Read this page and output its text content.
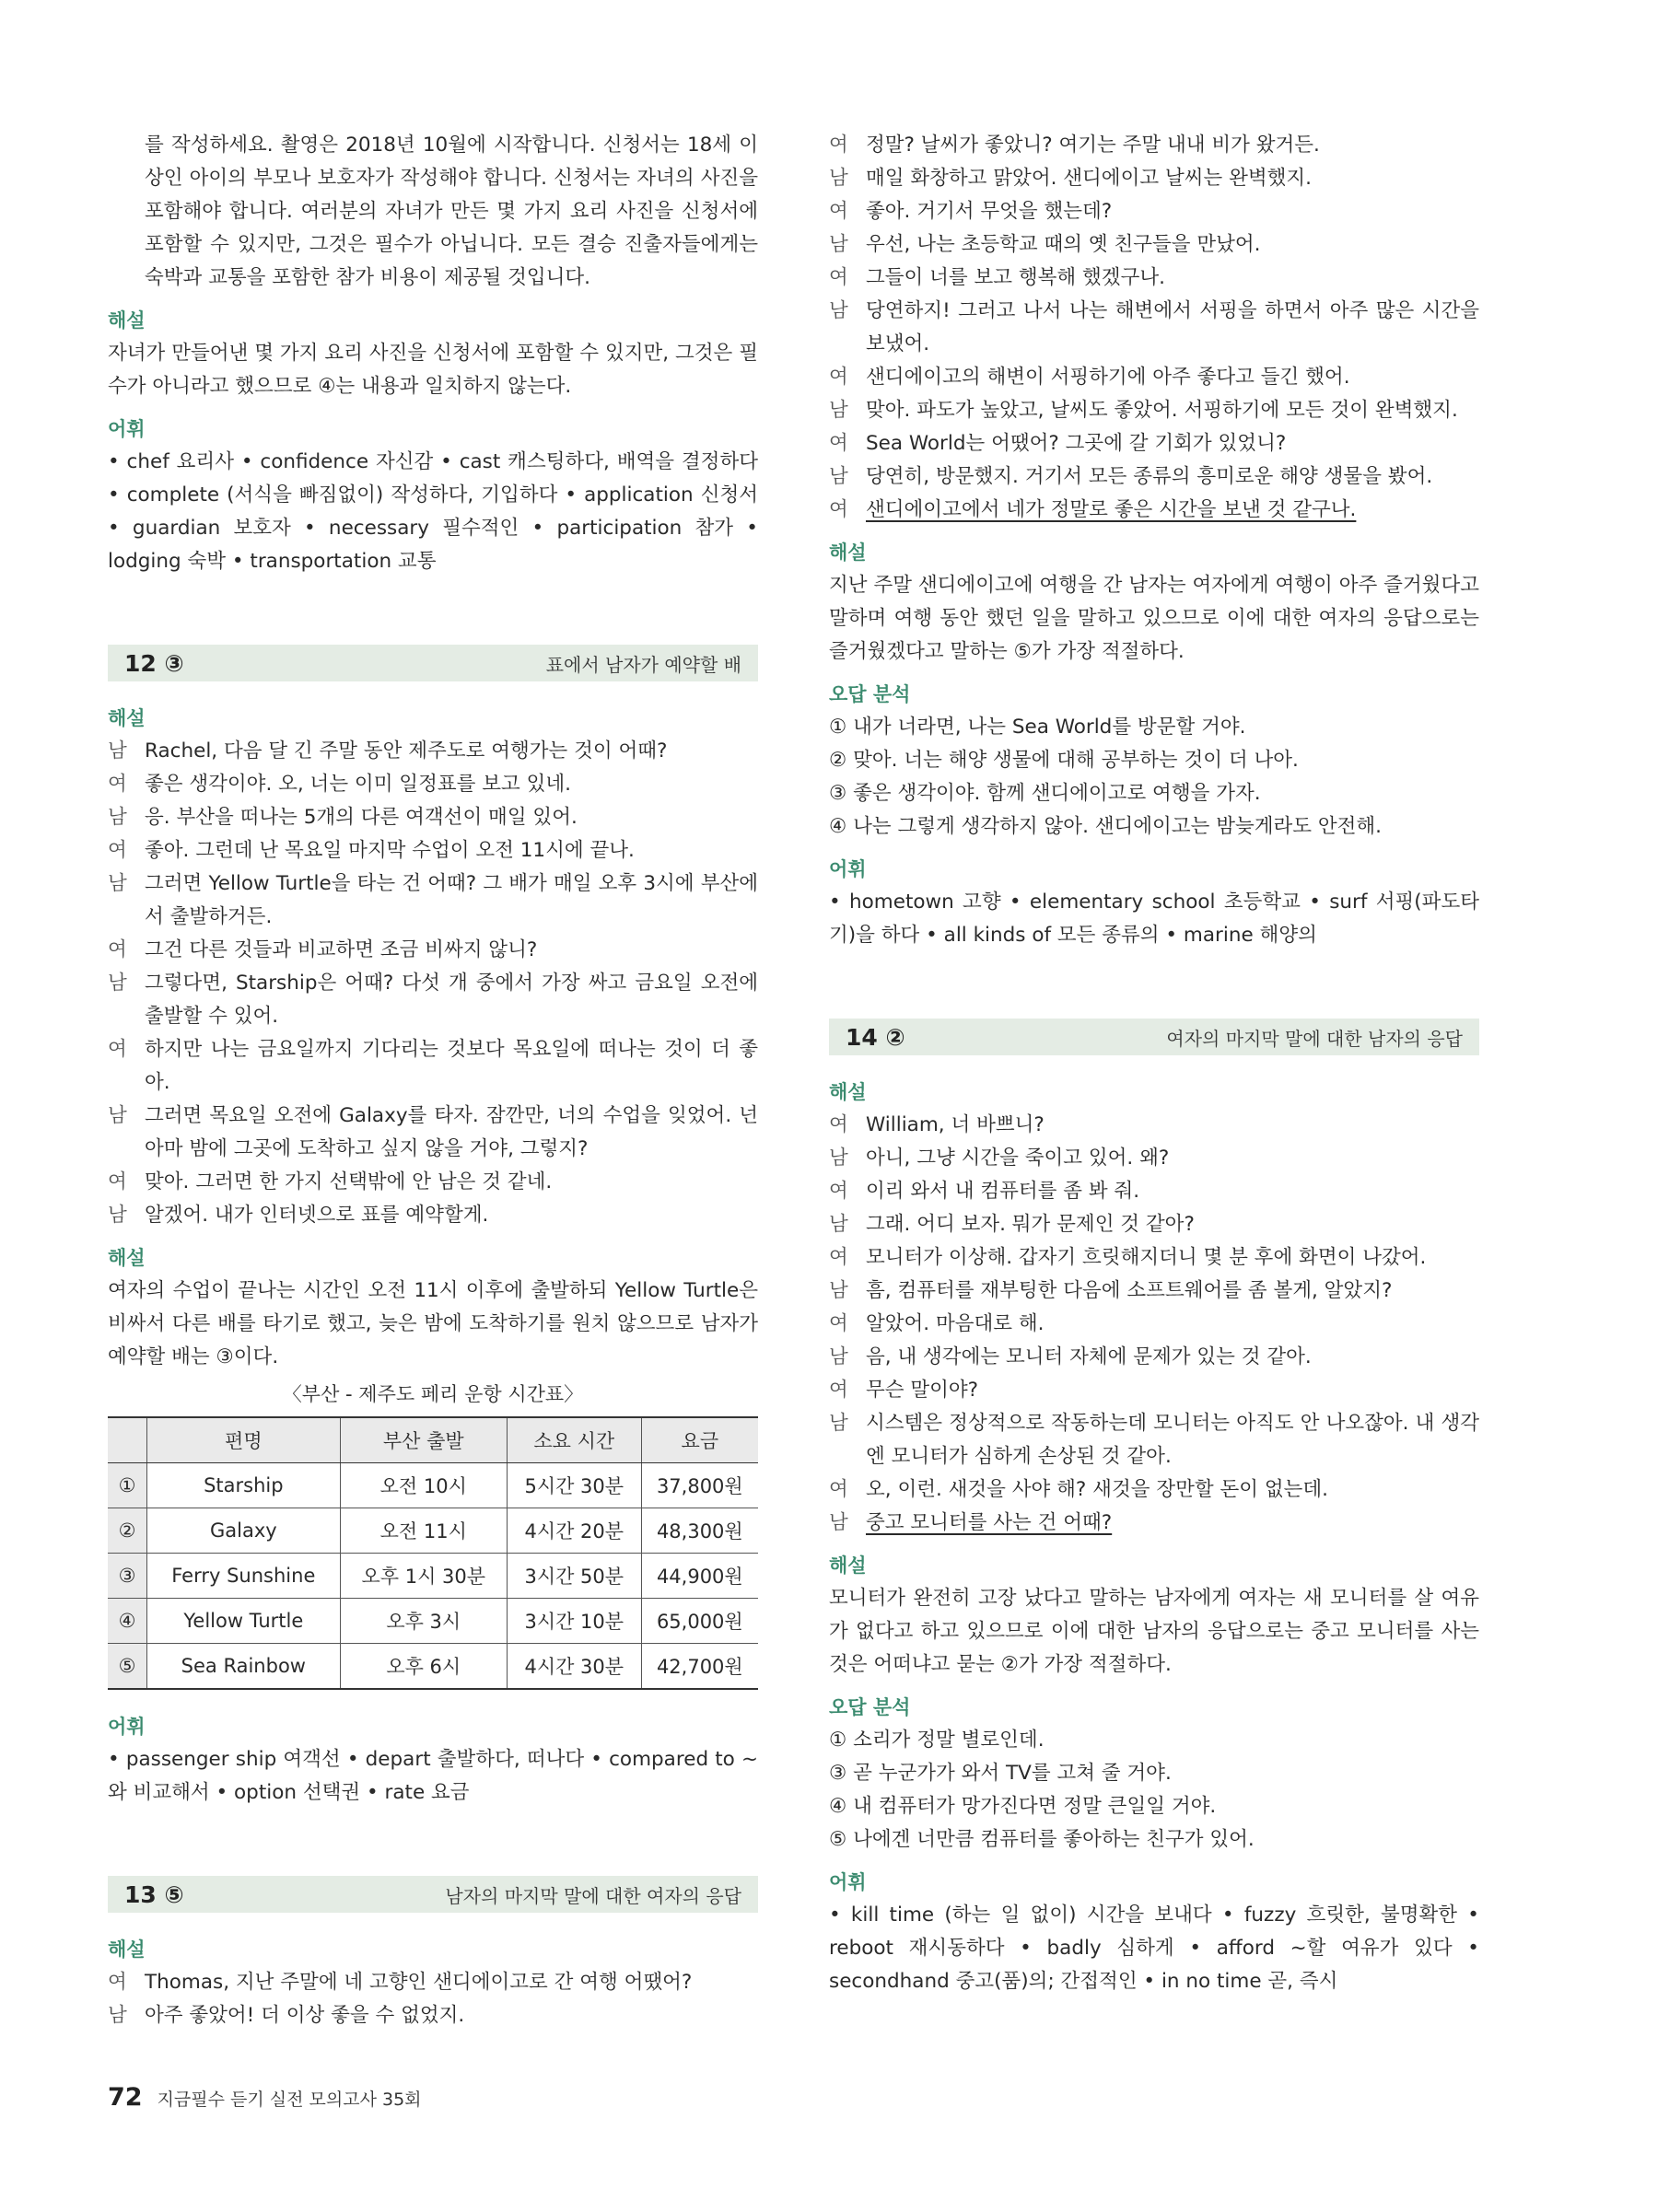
를 작성하세요. 촬영은 2018년 10월에 시작합니다. 신청서는 18세 이상인 아이의 부모나 보호자가 작성해야 합니다. 신청서는 자녀의 사진을 포함해야 합니다. 여러분의 자녀가 만든 몇 가지 요리 사진을 신청서에 포함할 수 있지만, 그것은 필수가 아닙니다. 모든 결승 진출자들에게는 숙박과 교통을 포함한 참가 비용이 제공될 것입니다.

해설

자녀가 만들어낸 몇 가지 요리 사진을 신청서에 포함할 수 있지만, 그것은 필수가 아니라고 했으므로 ④는 내용과 일치하지 않는다.

어휘

• chef 요리사 • confidence 자신감 • cast 캐스팅하다, 배역을 결정하다 • complete (서식을 빠짐없이) 작성하다, 기입하다 • application 신청서 • guardian 보호자 • necessary 필수적인 • participation 참가 • lodging 숙박 • transportation 교통

12 ③	표에서 남자가 예약할 배
해설
남 Rachel, 다음 달 긴 주말 동안 제주도로 여행가는 것이 어때?
여 좋은 생각이야. 오, 너는 이미 일정표를 보고 있네.
남 응. 부산을 떠나는 5개의 다른 여객선이 매일 있어.
여 좋아. 그런데 난 목요일 마지막 수업이 오전 11시에 끝나.
남 그러면 Yellow Turtle을 타는 건 어때? 그 배가 매일 오후 3시에 부산에서 출발하거든.
여 그건 다른 것들과 비교하면 조금 비싸지 않니?
남 그렇다면, Starship은 어때? 다섯 개 중에서 가장 싸고 금요일 오전에 출발할 수 있어.
여 하지만 나는 금요일까지 기다리는 것보다 목요일에 떠나는 것이 더 좋아.
남 그러면 목요일 오전에 Galaxy를 타자. 잠깐만, 너의 수업을 잊었어. 넌 아마 밤에 그곳에 도착하고 싶지 않을 거야, 그렇지?
여 맞아. 그러면 한 가지 선택밖에 안 남은 것 같네.
남 알겠어. 내가 인터넷으로 표를 예약할게.
해설

여자의 수업이 끝나는 시간인 오전 11시 이후에 출발하되 Yellow Turtle은 비싸서 다른 배를 타기로 했고, 늦은 밤에 도착하기를 원치 않으므로 남자가 예약할 배는 ③이다.

〈부산 - 제주도 페리 운항 시간표〉
	편명	부산 출발	소요 시간	요금
①	Starship	오전 10시	5시간 30분	37,800원
②	Galaxy	오전 11시	4시간 20분	48,300원
③	Ferry Sunshine	오후 1시 30분	3시간 50분	44,900원
④	Yellow Turtle	오후 3시	3시간 10분	65,000원
⑤	Sea Rainbow	오후 6시	4시간 30분	42,700원
어휘

• passenger ship 여객선 • depart 출발하다, 떠나다 • compared to ~와 비교해서 • option 선택권 • rate 요금

13 ⑤	남자의 마지막 말에 대한 여자의 응답
해설
여 Thomas, 지난 주말에 네 고향인 샌디에이고로 간 여행 어땠어?
남 아주 좋았어! 더 이상 좋을 수 없었지.
여 정말? 날씨가 좋았니? 여기는 주말 내내 비가 왔거든.
남 매일 화창하고 맑았어. 샌디에이고 날씨는 완벽했지.
여 좋아. 거기서 무엇을 했는데?
남 우선, 나는 초등학교 때의 옛 친구들을 만났어.
여 그들이 너를 보고 행복해 했겠구나.
남 당연하지! 그러고 나서 나는 해변에서 서핑을 하면서 아주 많은 시간을 보냈어.
여 샌디에이고의 해변이 서핑하기에 아주 좋다고 들긴 했어.
남 맞아. 파도가 높았고, 날씨도 좋았어. 서핑하기에 모든 것이 완벽했지.
여 Sea World는 어땠어? 그곳에 갈 기회가 있었니?
남 당연히, 방문했지. 거기서 모든 종류의 흥미로운 해양 생물을 봤어.
여 샌디에이고에서 네가 정말로 좋은 시간을 보낸 것 같구나.
해설

지난 주말 샌디에이고에 여행을 간 남자는 여자에게 여행이 아주 즐거웠다고 말하며 여행 동안 했던 일을 말하고 있으므로 이에 대한 여자의 응답으로는 즐거웠겠다고 말하는 ⑤가 가장 적절하다.

오답 분석
① 내가 너라면, 나는 Sea World를 방문할 거야.
② 맞아. 너는 해양 생물에 대해 공부하는 것이 더 나아.
③ 좋은 생각이야. 함께 샌디에이고로 여행을 가자.
④ 나는 그렇게 생각하지 않아. 샌디에이고는 밤늦게라도 안전해.
어휘

• hometown 고향 • elementary school 초등학교 • surf 서핑(파도타기)을 하다 • all kinds of 모든 종류의 • marine 해양의

14 ②	여자의 마지막 말에 대한 남자의 응답
해설
여 William, 너 바쁘니?
남 아니, 그냥 시간을 죽이고 있어. 왜?
여 이리 와서 내 컴퓨터를 좀 봐 줘.
남 그래. 어디 보자. 뭐가 문제인 것 같아?
여 모니터가 이상해. 갑자기 흐릿해지더니 몇 분 후에 화면이 나갔어.
남 흠, 컴퓨터를 재부팅한 다음에 소프트웨어를 좀 볼게, 알았지?
여 알았어. 마음대로 해.
남 음, 내 생각에는 모니터 자체에 문제가 있는 것 같아.
여 무슨 말이야?
남 시스템은 정상적으로 작동하는데 모니터는 아직도 안 나오잖아. 내 생각엔 모니터가 심하게 손상된 것 같아.
여 오, 이런. 새것을 사야 해? 새것을 장만할 돈이 없는데.
남 중고 모니터를 사는 건 어때?
해설

모니터가 완전히 고장 났다고 말하는 남자에게 여자는 새 모니터를 살 여유가 없다고 하고 있으므로 이에 대한 남자의 응답으로는 중고 모니터를 사는 것은 어떠냐고 묻는 ②가 가장 적절하다.

오답 분석
① 소리가 정말 별로인데.
③ 곧 누군가가 와서 TV를 고쳐 줄 거야.
④ 내 컴퓨터가 망가진다면 정말 큰일일 거야.
⑤ 나에겐 너만큼 컴퓨터를 좋아하는 친구가 있어.
어휘

• kill time (하는 일 없이) 시간을 보내다 • fuzzy 흐릿한, 불명확한 • reboot 재시동하다 • badly 심하게 • afford ~할 여유가 있다 • secondhand 중고(품)의; 간접적인 • in no time 곧, 즉시

72 지금필수 듣기 실전 모의고사 35회
